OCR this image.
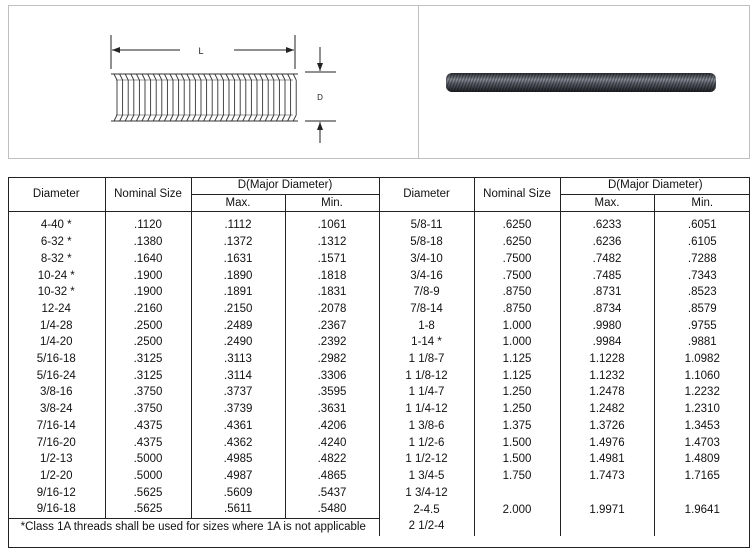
L
D
Diameter	Nominal Size	D(Major Diameter)		Diameter	Nominal Size	D(Major Diameter)	
		Max.	Min.			Max.	Min.
4-40 *	.1120	.1112	.1061	5/8-11	.6250	.6233	.6051
6-32 *	.1380	.1372	.1312	5/8-18	.6250	.6236	.6105
8-32 *	.1640	.1631	.1571	3/4-10	.7500	.7482	.7288
10-24 *	.1900	.1890	.1818	3/4-16	.7500	.7485	.7343
10-32 *	.1900	.1891	.1831	7/8-9	.8750	.8731	.8523
12-24	.2160	.2150	.2078	7/8-14	.8750	.8734	.8579
1/4-28	.2500	.2489	.2367	1-8	1.000	.9980	.9755
1/4-20	.2500	.2490	.2392	1-14 *	1.000	.9984	.9881
5/16-18	.3125	.3113	.2982	1 1/8-7	1.125	1.1228	1.0982
5/16-24	.3125	.3114	.3306	1 1/8-12	1.125	1.1232	1.1060
3/8-16	.3750	.3737	.3595	1 1/4-7	1.250	1.2478	1.2232
3/8-24	.3750	.3739	.3631	1 1/4-12	1.250	1.2482	1.2310
7/16-14	.4375	.4361	.4206	1 3/8-6	1.375	1.3726	1.3453
7/16-20	.4375	.4362	.4240	1 1/2-6	1.500	1.4976	1.4703
1/2-13	.5000	.4985	.4822	1 1/2-12	1.500	1.4981	1.4809
1/2-20	.5000	.4987	.4865	1 3/4-5	1.750	1.7473	1.7165
9/16-12	.5625	.5609	.5437	1 3/4-12			
9/16-18	.5625	.5611	.5480	2-4.5	2.000	1.9971	1.9641
*Class 1A threads shall be used for sizes where 1A is not applicable				2 1/2-4			
